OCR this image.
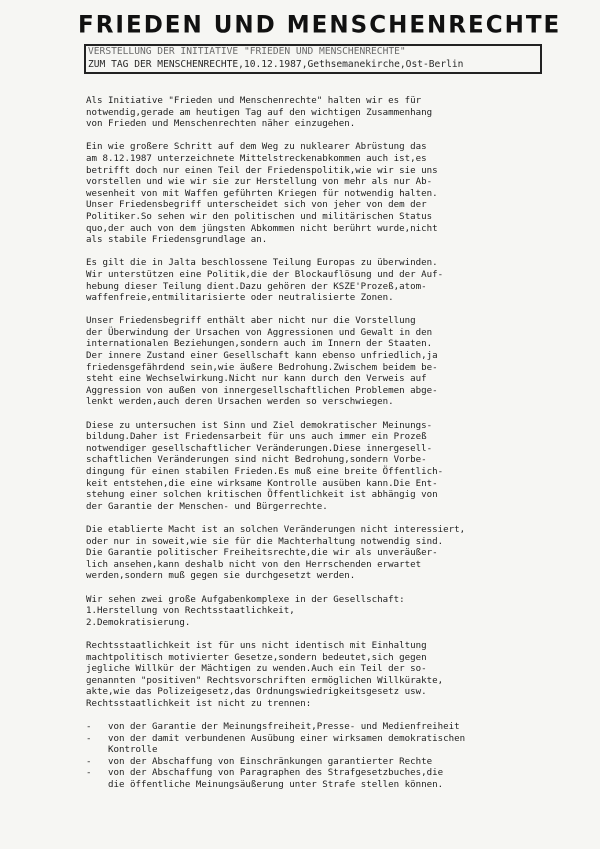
FRIEDEN UND MENSCHENRECHTE
VERSTELLUNG DER INITIATIVE "FRIEDEN UND MENSCHENRECHTE"
ZUM TAG DER MENSCHENRECHTE,10.12.1987,Gethsemanekirche,Ost-Berlin
Als Initiative "Frieden und Menschenrechte" halten wir es für
notwendig,gerade am heutigen Tag auf den wichtigen Zusammenhang
von Frieden und Menschenrechten näher einzugehen.
Ein wie großere Schritt auf dem Weg zu nuklearer Abrüstung das
am 8.12.1987 unterzeichnete Mittelstreckenabkommen auch ist,es
betrifft doch nur einen Teil der Friedenspolitik,wie wir sie uns
vorstellen und wie wir sie zur Herstellung von mehr als nur Ab-
wesenheit von mit Waffen geführten Kriegen für notwendig halten.
Unser Friedensbegriff unterscheidet sich von jeher von dem der
Politiker.So sehen wir den politischen und militärischen Status
quo,der auch von dem jüngsten Abkommen nicht berührt wurde,nicht
als stabile Friedensgrundlage an.
Es gilt die in Jalta beschlossene Teilung Europas zu überwinden.
Wir unterstützen eine Politik,die der Blockauflösung und der Auf-
hebung dieser Teilung dient.Dazu gehören der KSZE'Prozeß,atom-
waffenfreie,entmilitarisierte oder neutralisierte Zonen.
Unser Friedensbegriff enthält aber nicht nur die Vorstellung
der Überwindung der Ursachen von Aggressionen und Gewalt in den
internationalen Beziehungen,sondern auch im Innern der Staaten.
Der innere Zustand einer Gesellschaft kann ebenso unfriedlich,ja
friedensgefährdend sein,wie äußere Bedrohung.Zwischem beidem be-
steht eine Wechselwirkung.Nicht nur kann durch den Verweis auf
Aggression von außen von innergesellschaftlichen Problemen abge-
lenkt werden,auch deren Ursachen werden so verschwiegen.
Diese zu untersuchen ist Sinn und Ziel demokratischer Meinungs-
bildung.Daher ist Friedensarbeit für uns auch immer ein Prozeß
notwendiger gesellschaftlicher Veränderungen.Diese innergesell-
schaftlichen Veränderungen sind nicht Bedrohung,sondern Vorbe-
dingung für einen stabilen Frieden.Es muß eine breite Öffentlich-
keit entstehen,die eine wirksame Kontrolle ausüben kann.Die Ent-
stehung einer solchen kritischen Öffentlichkeit ist abhängig von
der Garantie der Menschen- und Bürgerrechte.
Die etablierte Macht ist an solchen Veränderungen nicht interessiert,
oder nur in soweit,wie sie für die Machterhaltung notwendig sind.
Die Garantie politischer Freiheitsrechte,die wir als unveräußer-
lich ansehen,kann deshalb nicht von den Herrschenden erwartet
werden,sondern muß gegen sie durchgesetzt werden.
Wir sehen zwei große Aufgabenkomplexe in der Gesellschaft:
1.Herstellung von Rechtsstaatlichkeit,
2.Demokratisierung.
Rechtsstaatlichkeit ist für uns nicht identisch mit Einhaltung
machtpolitisch motivierter Gesetze,sondern bedeutet,sich gegen
jegliche Willkür der Mächtigen zu wenden.Auch ein Teil der so-
genannten "positiven" Rechtsvorschriften ermöglichen Willkürakte,
akte,wie das Polizeigesetz,das Ordnungswiedrigkeitsgesetz usw.
Rechtsstaatlichkeit ist nicht zu trennen:
-	von der Garantie der Meinungsfreiheit,Presse- und Medienfreiheit
-	von der damit verbundenen Ausübung einer wirksamen demokratischen
Kontrolle
-	von der Abschaffung von Einschränkungen garantierter Rechte
-	von der Abschaffung von Paragraphen des Strafgesetzbuches,die
die öffentliche Meinungsäußerung unter Strafe stellen können.
